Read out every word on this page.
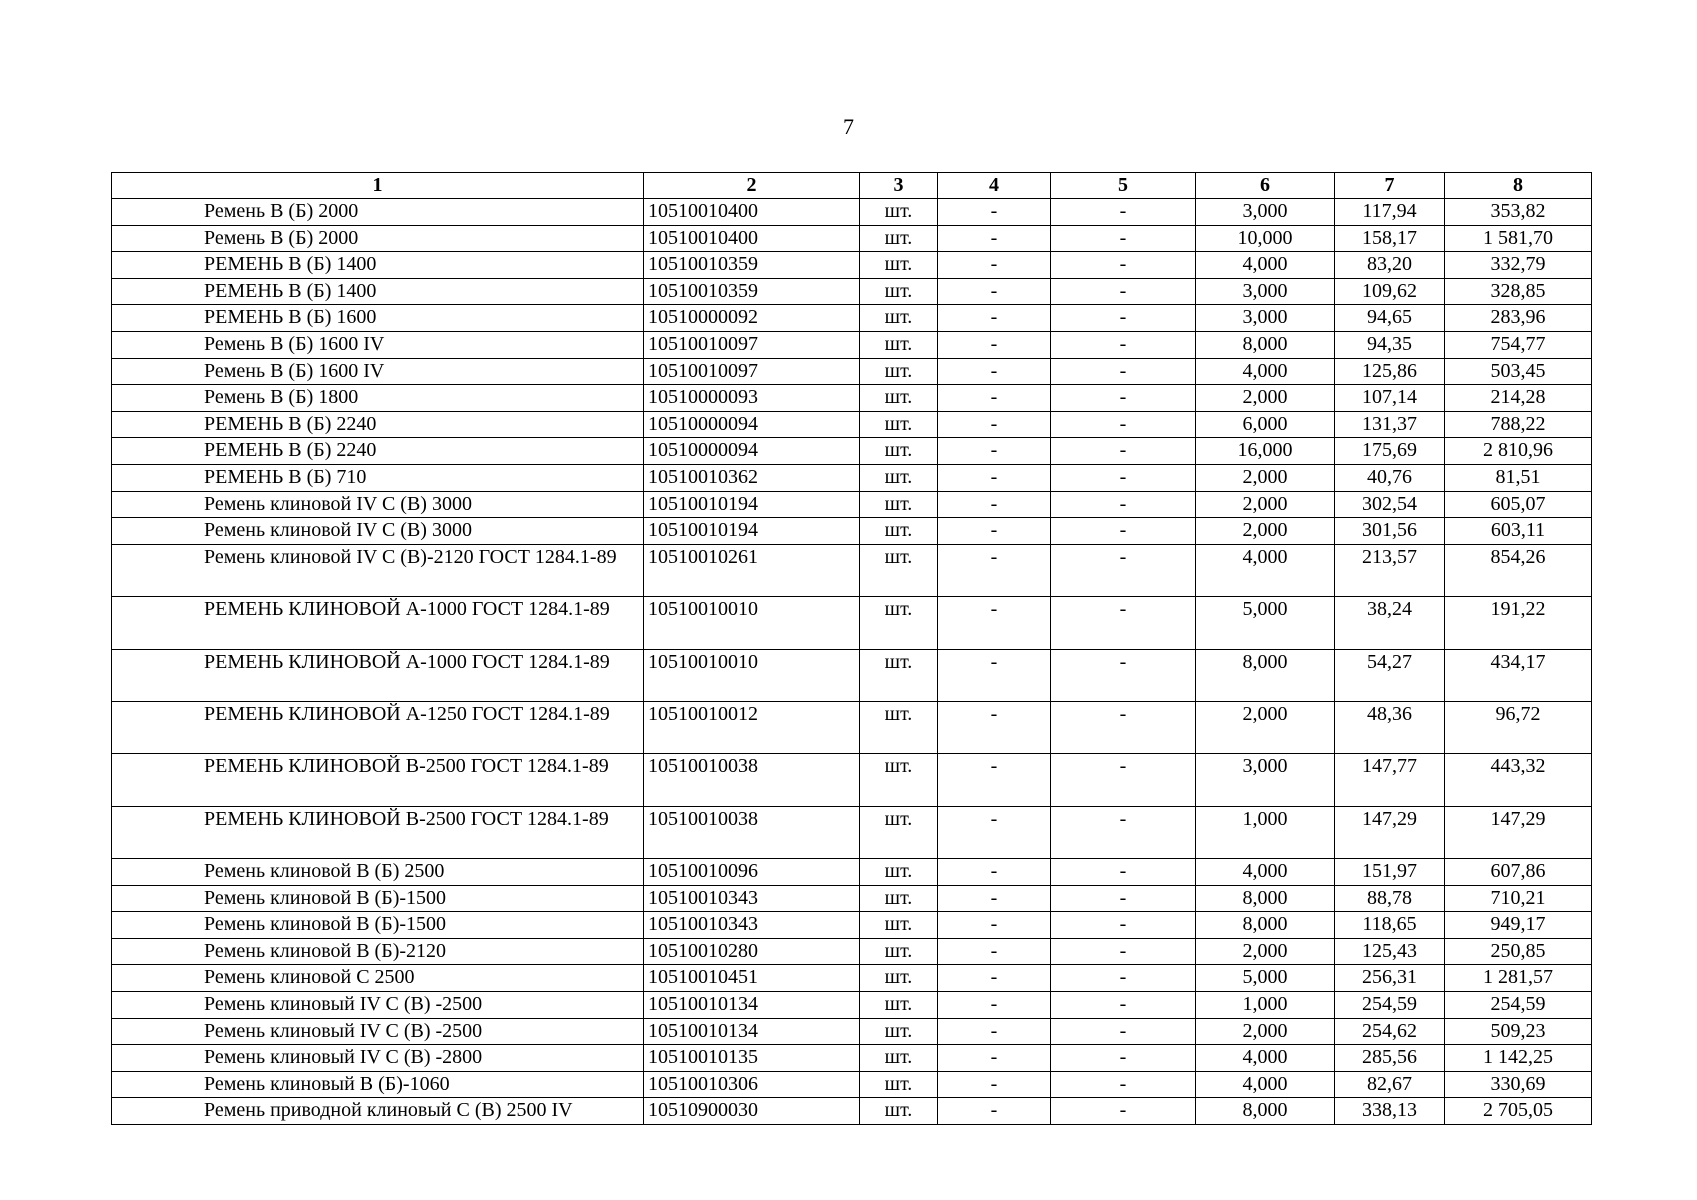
7
1	2	3	4	5	6	7	8
Ремень В (Б) 2000	10510010400	шт.	-	-	3,000	117,94	353,82
Ремень В (Б) 2000	10510010400	шт.	-	-	10,000	158,17	1 581,70
РЕМЕНЬ В (Б) 1400	10510010359	шт.	-	-	4,000	83,20	332,79
РЕМЕНЬ В (Б) 1400	10510010359	шт.	-	-	3,000	109,62	328,85
РЕМЕНЬ В (Б) 1600	10510000092	шт.	-	-	3,000	94,65	283,96
Ремень В (Б) 1600 IV	10510010097	шт.	-	-	8,000	94,35	754,77
Ремень В (Б) 1600 IV	10510010097	шт.	-	-	4,000	125,86	503,45
Ремень В (Б) 1800	10510000093	шт.	-	-	2,000	107,14	214,28
РЕМЕНЬ В (Б) 2240	10510000094	шт.	-	-	6,000	131,37	788,22
РЕМЕНЬ В (Б) 2240	10510000094	шт.	-	-	16,000	175,69	2 810,96
РЕМЕНЬ В (Б) 710	10510010362	шт.	-	-	2,000	40,76	81,51
Ремень клиновой IV С (В) 3000	10510010194	шт.	-	-	2,000	302,54	605,07
Ремень клиновой IV С (В) 3000	10510010194	шт.	-	-	2,000	301,56	603,11
Ремень клиновой IV С (В)-2120 ГОСТ 1284.1-89	10510010261	шт.	-	-	4,000	213,57	854,26
РЕМЕНЬ КЛИНОВОЙ А-1000 ГОСТ 1284.1-89	10510010010	шт.	-	-	5,000	38,24	191,22
РЕМЕНЬ КЛИНОВОЙ А-1000 ГОСТ 1284.1-89	10510010010	шт.	-	-	8,000	54,27	434,17
РЕМЕНЬ КЛИНОВОЙ А-1250 ГОСТ 1284.1-89	10510010012	шт.	-	-	2,000	48,36	96,72
РЕМЕНЬ КЛИНОВОЙ В-2500 ГОСТ 1284.1-89	10510010038	шт.	-	-	3,000	147,77	443,32
РЕМЕНЬ КЛИНОВОЙ В-2500 ГОСТ 1284.1-89	10510010038	шт.	-	-	1,000	147,29	147,29
Ремень клиновой В (Б) 2500	10510010096	шт.	-	-	4,000	151,97	607,86
Ремень клиновой В (Б)-1500	10510010343	шт.	-	-	8,000	88,78	710,21
Ремень клиновой В (Б)-1500	10510010343	шт.	-	-	8,000	118,65	949,17
Ремень клиновой В (Б)-2120	10510010280	шт.	-	-	2,000	125,43	250,85
Ремень клиновой С 2500	10510010451	шт.	-	-	5,000	256,31	1 281,57
Ремень клиновый IV С (В) -2500	10510010134	шт.	-	-	1,000	254,59	254,59
Ремень клиновый IV С (В) -2500	10510010134	шт.	-	-	2,000	254,62	509,23
Ремень клиновый IV С (В) -2800	10510010135	шт.	-	-	4,000	285,56	1 142,25
Ремень клиновый В (Б)-1060	10510010306	шт.	-	-	4,000	82,67	330,69
Ремень приводной клиновый С (В) 2500 IV	10510900030	шт.	-	-	8,000	338,13	2 705,05
